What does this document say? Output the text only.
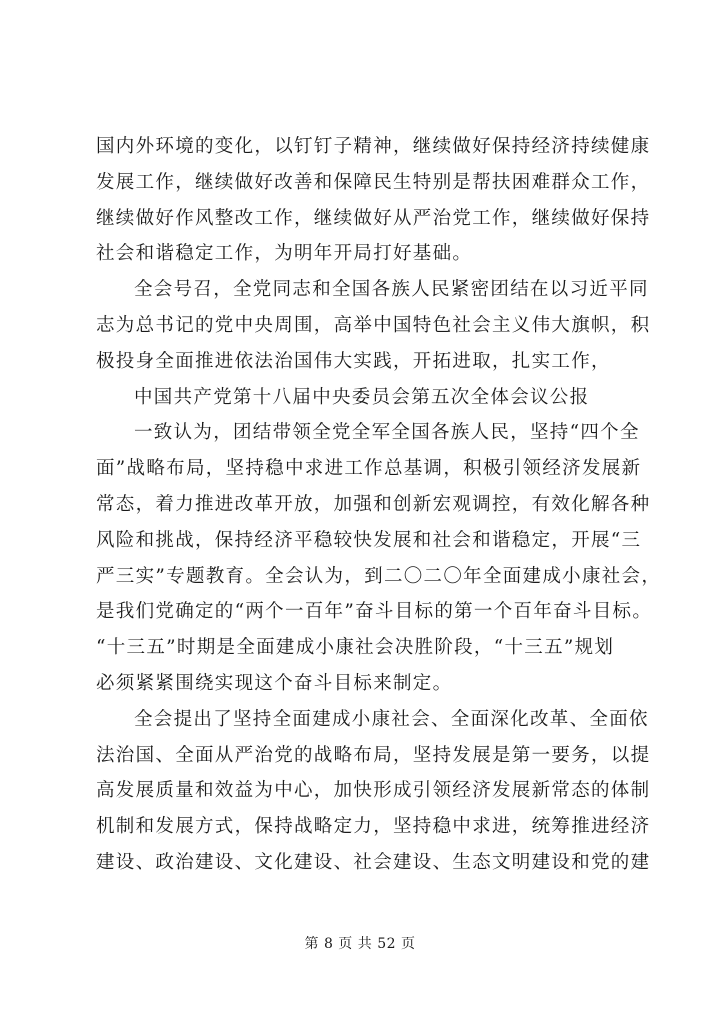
国内外环境的变化，以钉钉子精神，继续做好保持经济持续健康
发展工作，继续做好改善和保障民生特别是帮扶困难群众工作，
继续做好作风整改工作，继续做好从严治党工作，继续做好保持
社会和谐稳定工作，为明年开局打好基础。
全会号召，全党同志和全国各族人民紧密团结在以习近平同
志为总书记的党中央周围，高举中国特色社会主义伟大旗帜，积
极投身全面推进依法治国伟大实践，开拓进取，扎实工作，
中国共产党第十八届中央委员会第五次全体会议公报
一致认为，团结带领全党全军全国各族人民，坚持“四个全
面”战略布局，坚持稳中求进工作总基调，积极引领经济发展新
常态，着力推进改革开放，加强和创新宏观调控，有效化解各种
风险和挑战，保持经济平稳较快发展和社会和谐稳定，开展“三
严三实”专题教育。全会认为，到二〇二〇年全面建成小康社会，
是我们党确定的“两个一百年”奋斗目标的第一个百年奋斗目标。
“十三五”时期是全面建成小康社会决胜阶段，“十三五”规划
必须紧紧围绕实现这个奋斗目标来制定。
全会提出了坚持全面建成小康社会、全面深化改革、全面依
法治国、全面从严治党的战略布局，坚持发展是第一要务，以提
高发展质量和效益为中心，加快形成引领经济发展新常态的体制
机制和发展方式，保持战略定力，坚持稳中求进，统筹推进经济
建设、政治建设、文化建设、社会建设、生态文明建设和党的建
第 8 页 共 52 页
